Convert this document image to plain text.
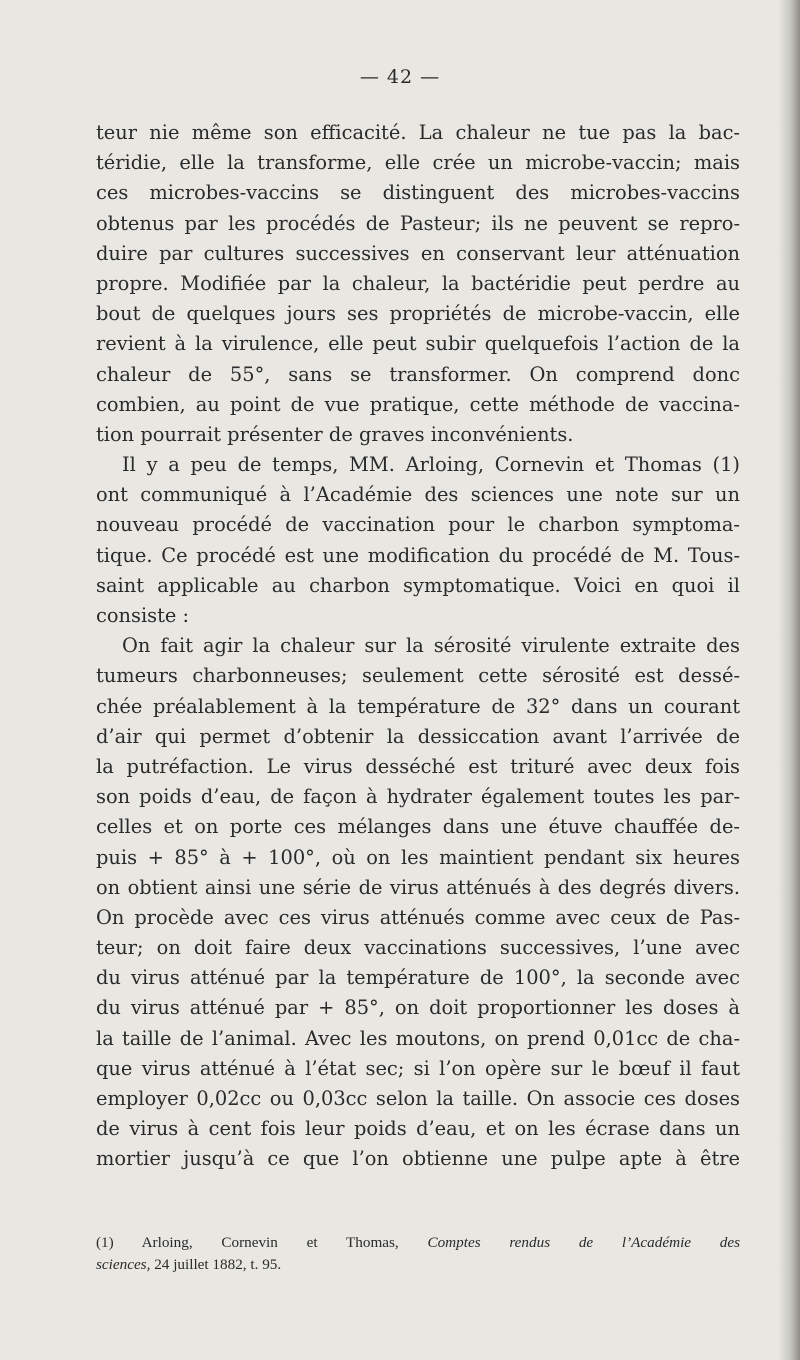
— 42 —
teur nie même son efficacité. La chaleur ne tue pas la bac-
téridie, elle la transforme, elle crée un microbe-vaccin; mais
ces microbes-vaccins se distinguent des microbes-vaccins
obtenus par les procédés de Pasteur; ils ne peuvent se repro-
duire par cultures successives en conservant leur atténuation
propre. Modifiée par la chaleur, la bactéridie peut perdre au
bout de quelques jours ses propriétés de microbe-vaccin, elle
revient à la virulence, elle peut subir quelquefois l’action de la
chaleur de 55°, sans se transformer. On comprend donc
combien, au point de vue pratique, cette méthode de vaccina-
tion pourrait présenter de graves inconvénients.
Il y a peu de temps, MM. Arloing, Cornevin et Thomas (1)
ont communiqué à l’Académie des sciences une note sur un
nouveau procédé de vaccination pour le charbon symptoma-
tique. Ce procédé est une modification du procédé de M. Tous-
saint applicable au charbon symptomatique. Voici en quoi il
consiste :
On fait agir la chaleur sur la sérosité virulente extraite des
tumeurs charbonneuses; seulement cette sérosité est dessé-
chée préalablement à la température de 32° dans un courant
d’air qui permet d’obtenir la dessiccation avant l’arrivée de
la putréfaction. Le virus desséché est trituré avec deux fois
son poids d’eau, de façon à hydrater également toutes les par-
celles et on porte ces mélanges dans une étuve chauffée de-
puis + 85° à + 100°, où on les maintient pendant six heures
on obtient ainsi une série de virus atténués à des degrés divers.
On procède avec ces virus atténués comme avec ceux de Pas-
teur; on doit faire deux vaccinations successives, l’une avec
du virus atténué par la température de 100°, la seconde avec
du virus atténué par + 85°, on doit proportionner les doses à
la taille de l’animal. Avec les moutons, on prend 0,01cc de cha-
que virus atténué à l’état sec; si l’on opère sur le bœuf il faut
employer 0,02cc ou 0,03cc selon la taille. On associe ces doses
de virus à cent fois leur poids d’eau, et on les écrase dans un
mortier jusqu’à ce que l’on obtienne une pulpe apte à être
(1) Arloing, Cornevin et Thomas, Comptes rendus de l’Académie des
sciences, 24 juillet 1882, t. 95.
